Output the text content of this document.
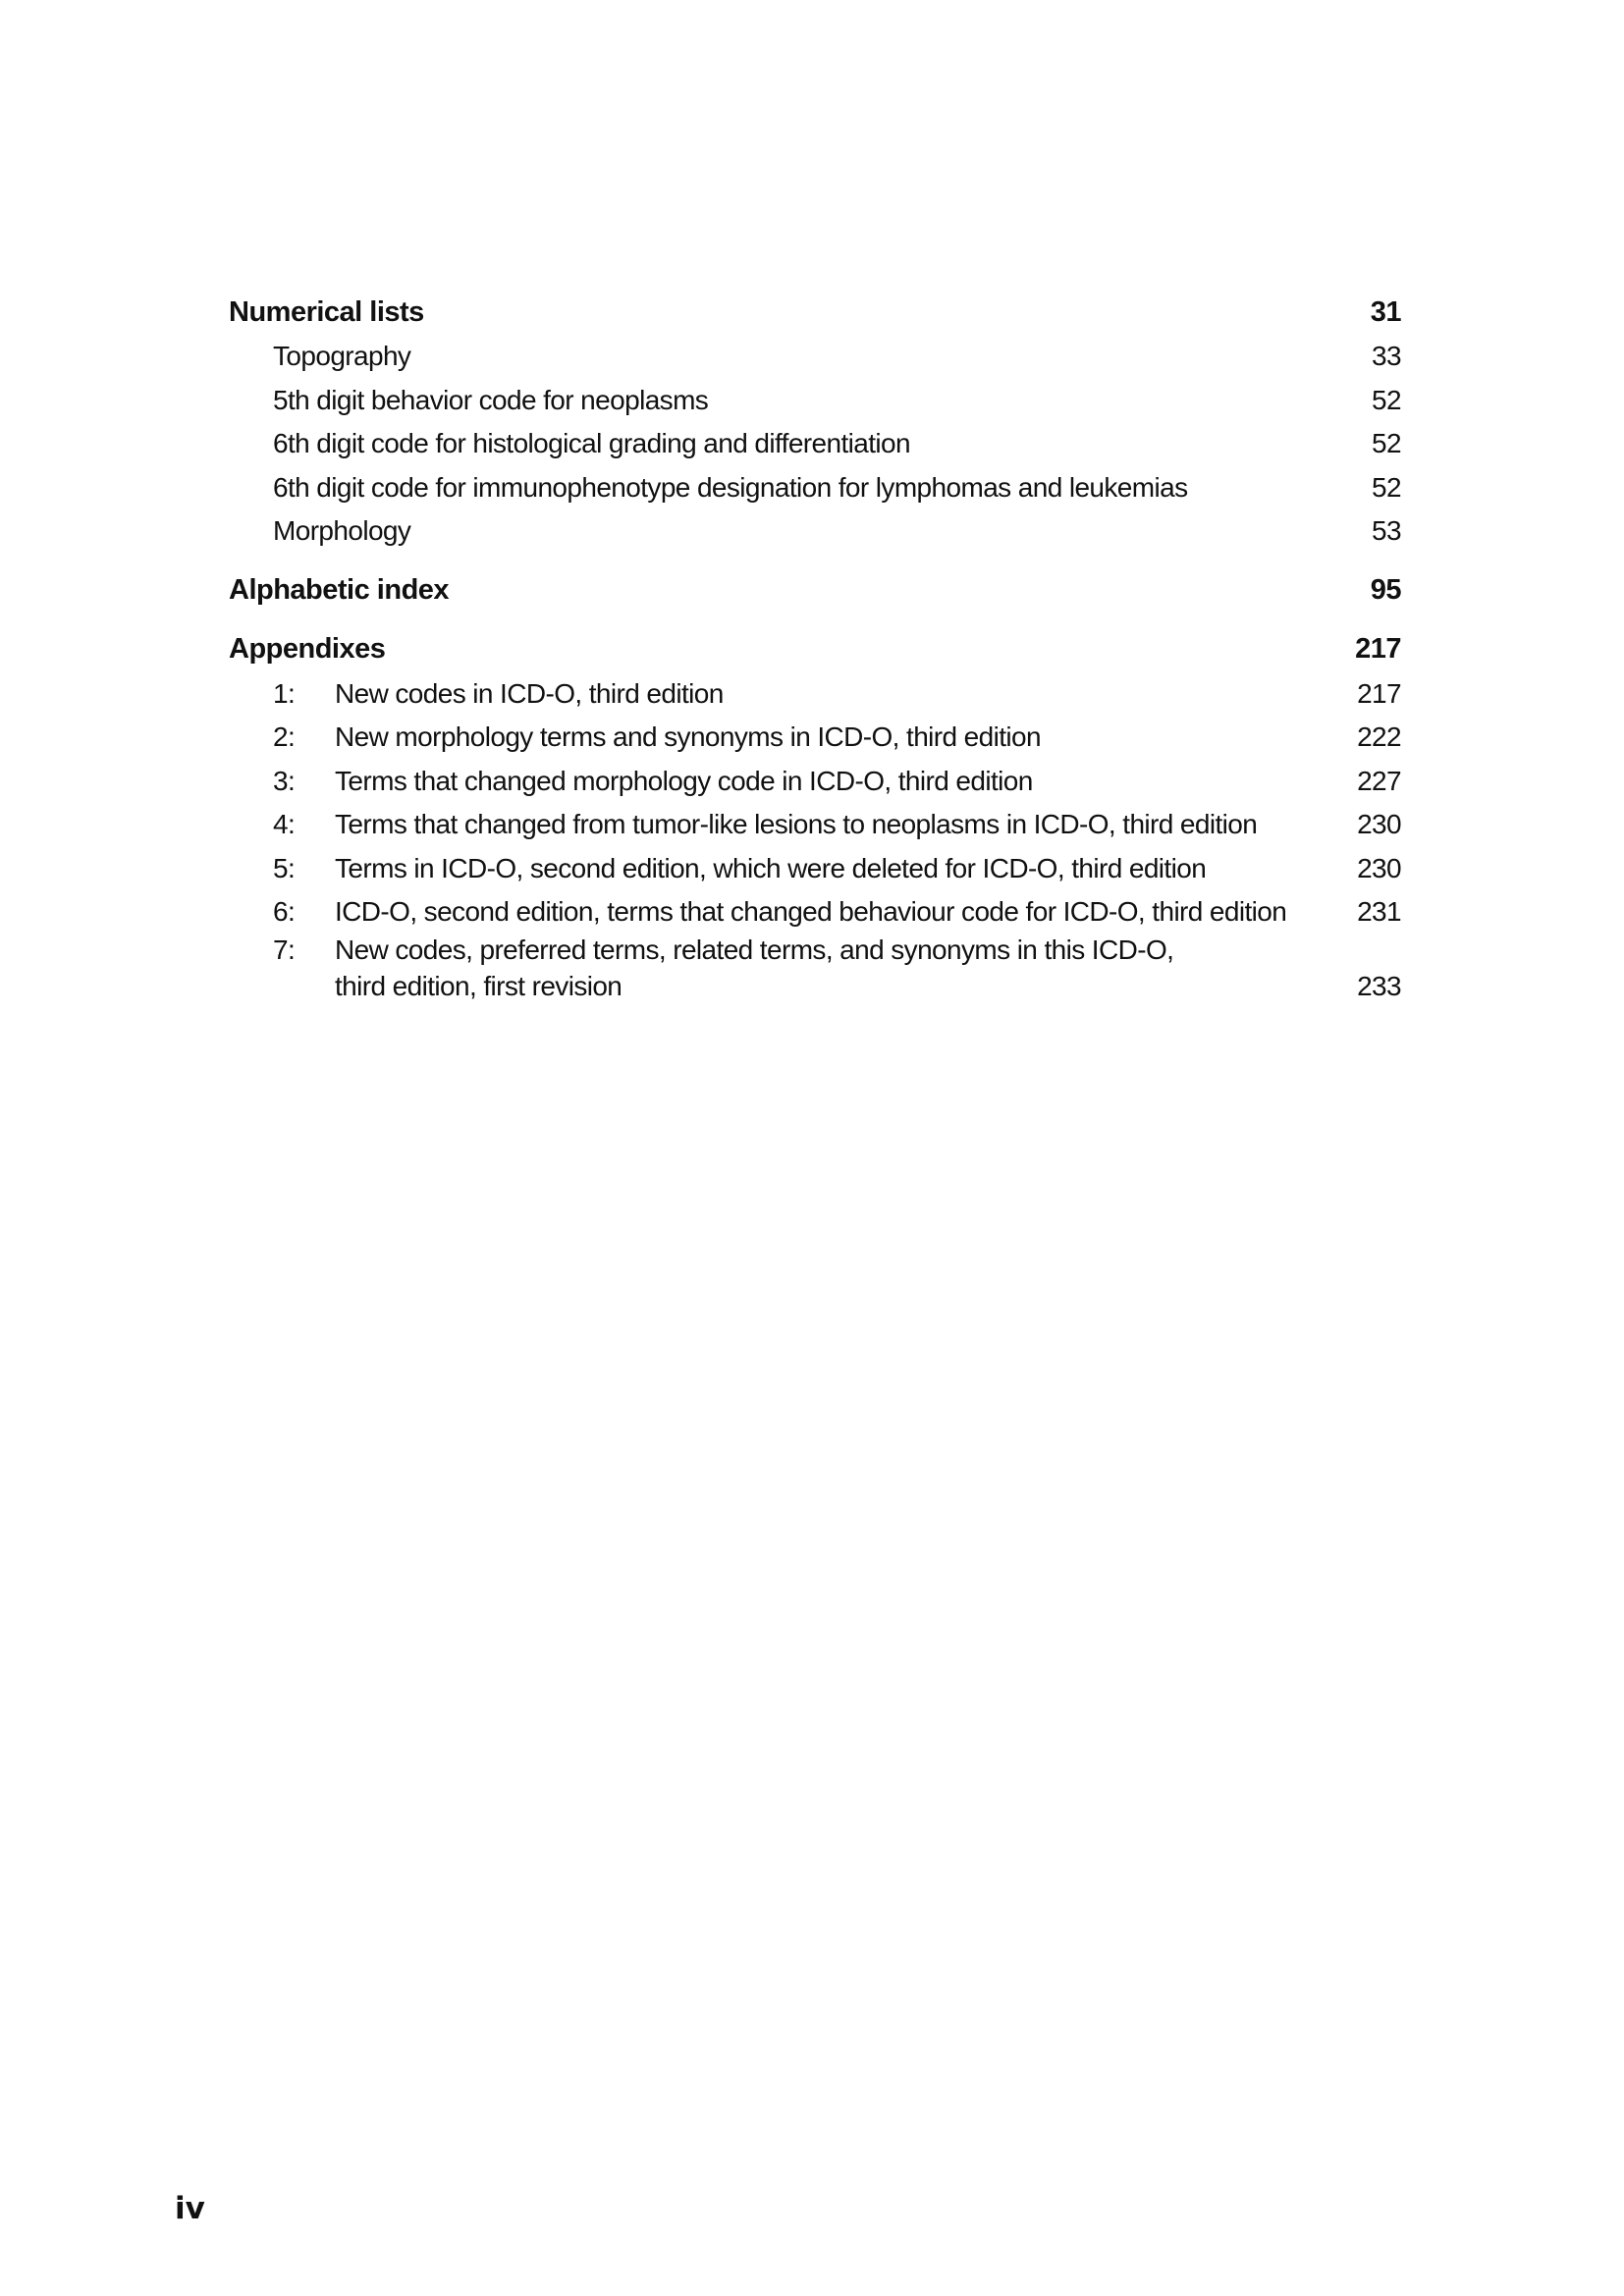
Numerical lists	31
Topography	33
5th digit behavior code for neoplasms	52
6th digit code for histological grading and differentiation	52
6th digit code for immunophenotype designation for lymphomas and leukemias	52
Morphology	53
Alphabetic index	95
Appendixes	217
1:	New codes in ICD-O, third edition	217
2:	New morphology terms and synonyms in ICD-O, third edition	222
3:	Terms that changed morphology code in ICD-O, third edition	227
4:	Terms that changed from tumor-like lesions to neoplasms in ICD-O, third edition	230
5:	Terms in ICD-O, second edition, which were deleted for ICD-O, third edition	230
6:	ICD-O, second edition, terms that changed behaviour code for ICD-O, third edition	231
7:	New codes, preferred terms, related terms, and synonyms in this ICD-O,
third edition, first revision	233
iv
